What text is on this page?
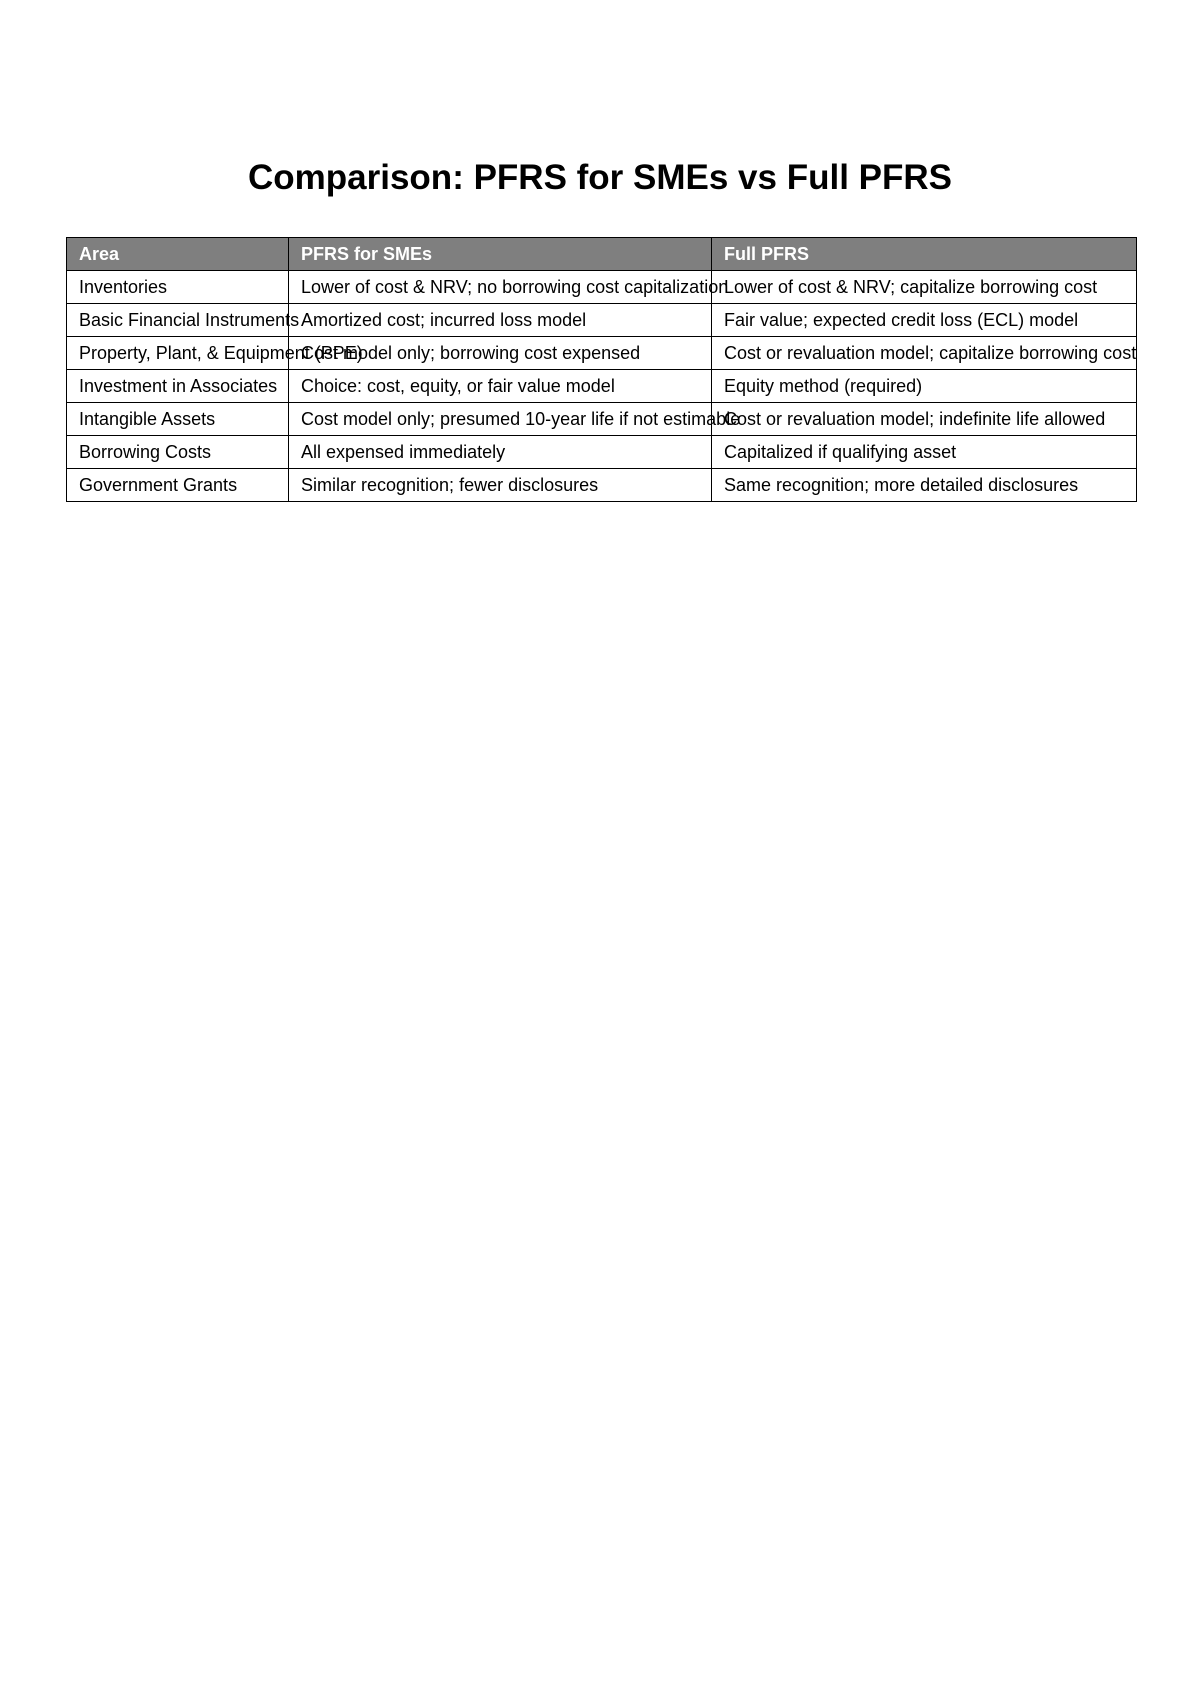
Comparison: PFRS for SMEs vs Full PFRS
Area	PFRS for SMEs	Full PFRS
Inventories	Lower of cost & NRV; no borrowing cost capitalization	Lower of cost & NRV; capitalize borrowing cost
Basic Financial Instruments	Amortized cost; incurred loss model	Fair value; expected credit loss (ECL) model
Property, Plant, & Equipment (PPE)	Cost model only; borrowing cost expensed	Cost or revaluation model; capitalize borrowing cost
Investment in Associates	Choice: cost, equity, or fair value model	Equity method (required)
Intangible Assets	Cost model only; presumed 10-year life if not estimable	Cost or revaluation model; indefinite life allowed
Borrowing Costs	All expensed immediately	Capitalized if qualifying asset
Government Grants	Similar recognition; fewer disclosures	Same recognition; more detailed disclosures
